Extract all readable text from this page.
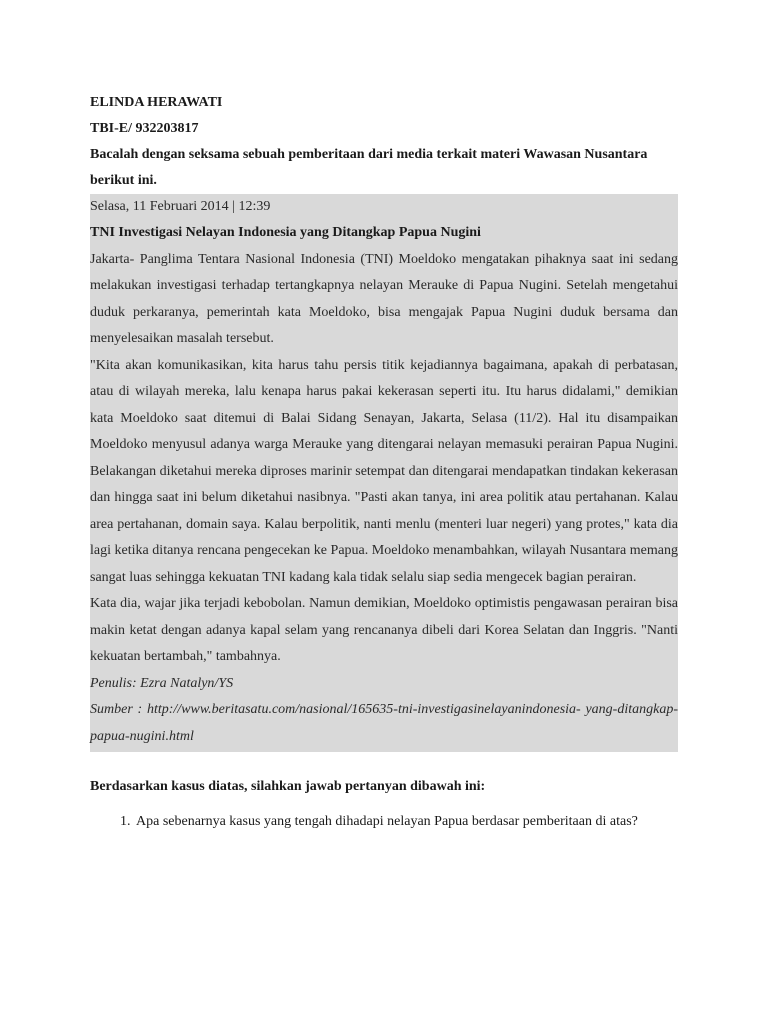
ELINDA HERAWATI
TBI-E/ 932203817
Bacalah dengan seksama sebuah pemberitaan dari media terkait materi Wawasan Nusantara berikut ini.

Selasa, 11 Februari 2014 | 12:39

TNI Investigasi Nelayan Indonesia yang Ditangkap Papua Nugini

Jakarta- Panglima Tentara Nasional Indonesia (TNI) Moeldoko mengatakan pihaknya saat ini sedang melakukan investigasi terhadap tertangkapnya nelayan Merauke di Papua Nugini. Setelah mengetahui duduk perkaranya, pemerintah kata Moeldoko, bisa mengajak Papua Nugini duduk bersama dan menyelesaikan masalah tersebut.

"Kita akan komunikasikan, kita harus tahu persis titik kejadiannya bagaimana, apakah di perbatasan, atau di wilayah mereka, lalu kenapa harus pakai kekerasan seperti itu. Itu harus didalami," demikian kata Moeldoko saat ditemui di Balai Sidang Senayan, Jakarta, Selasa (11/2). Hal itu disampaikan Moeldoko menyusul adanya warga Merauke yang ditengarai nelayan memasuki perairan Papua Nugini. Belakangan diketahui mereka diproses marinir setempat dan ditengarai mendapatkan tindakan kekerasan dan hingga saat ini belum diketahui nasibnya. "Pasti akan tanya, ini area politik atau pertahanan. Kalau area pertahanan, domain saya. Kalau berpolitik, nanti menlu (menteri luar negeri) yang protes," kata dia lagi ketika ditanya rencana pengecekan ke Papua. Moeldoko menambahkan, wilayah Nusantara memang sangat luas sehingga kekuatan TNI kadang kala tidak selalu siap sedia mengecek bagian perairan.

Kata dia, wajar jika terjadi kebobolan. Namun demikian, Moeldoko optimistis pengawasan perairan bisa makin ketat dengan adanya kapal selam yang rencananya dibeli dari Korea Selatan dan Inggris. "Nanti kekuatan bertambah," tambahnya.

Penulis: Ezra Natalyn/YS

Sumber : http://www.beritasatu.com/nasional/165635-tni-investigasinelayanindonesia- yang-ditangkap-papua-nugini.html

Berdasarkan kasus diatas, silahkan jawab pertanyan dibawah ini:
1. Apa sebenarnya kasus yang tengah dihadapi nelayan Papua berdasar pemberitaan di atas?
